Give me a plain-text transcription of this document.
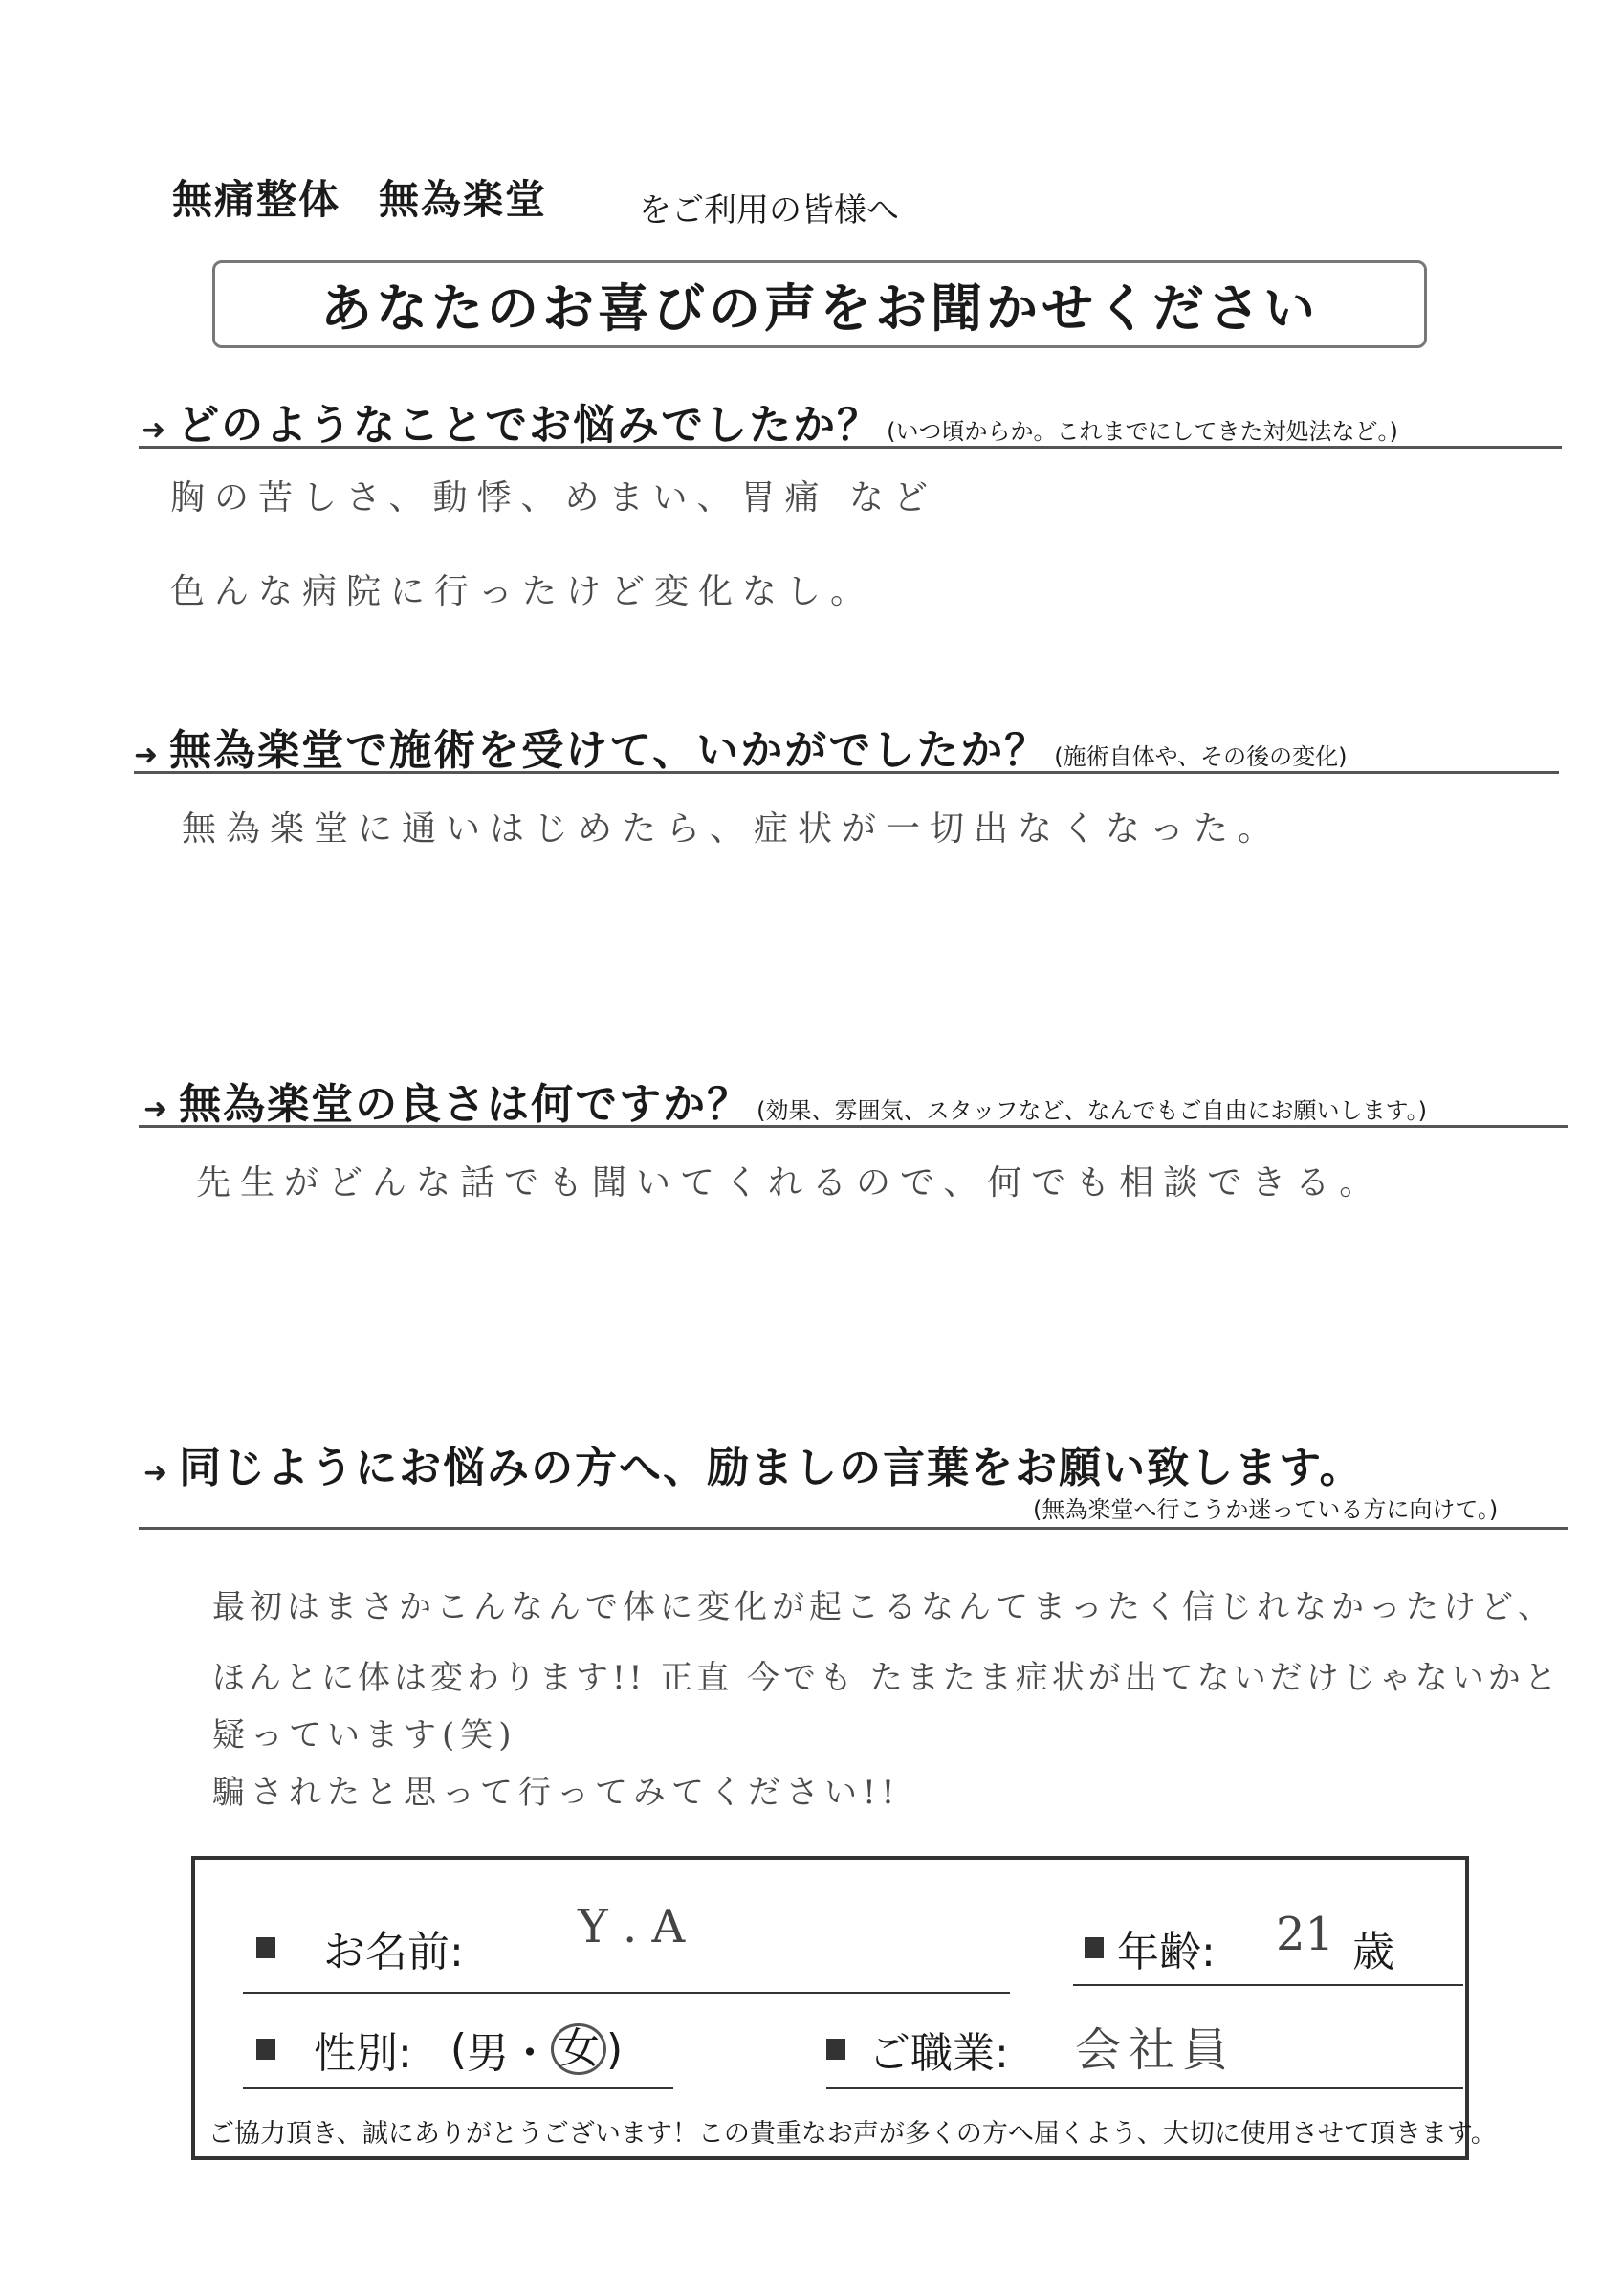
無痛整体 無為楽堂	をご利用の皆様へ
あなたのお喜びの声をお聞かせください
➜ どのようなことでお悩みでしたか？ (いつ頃からか。これまでにしてきた対処法など。)
胸の苦しさ、動悸、めまい、胃痛 など
色んな病院に行ったけど変化なし。
➜ 無為楽堂で施術を受けて、いかがでしたか？ (施術自体や、その後の変化)
無為楽堂に通いはじめたら、症状が一切出なくなった。
➜ 無為楽堂の良さは何ですか？ (効果、雰囲気、スタッフなど、なんでもご自由にお願いします。)
先生がどんな話でも聞いてくれるので、何でも相談できる。
➜ 同じようにお悩みの方へ、励ましの言葉をお願い致します。
(無為楽堂へ行こうか迷っている方に向けて。)
最初はまさかこんなんで体に変化が起こるなんてまったく信じれなかったけど、
ほんとに体は変わります!! 正直 今でも たまたま症状が出てないだけじゃないかと
疑っています(笑)
騙されたと思って行ってみてください!!
お名前: Y . A	年齢: 21 歳
性別: ( 男 ・ 女 )	ご職業: 会社員
ご協力頂き、誠にありがとうございます！この貴重なお声が多くの方へ届くよう、大切に使用させて頂きます。
